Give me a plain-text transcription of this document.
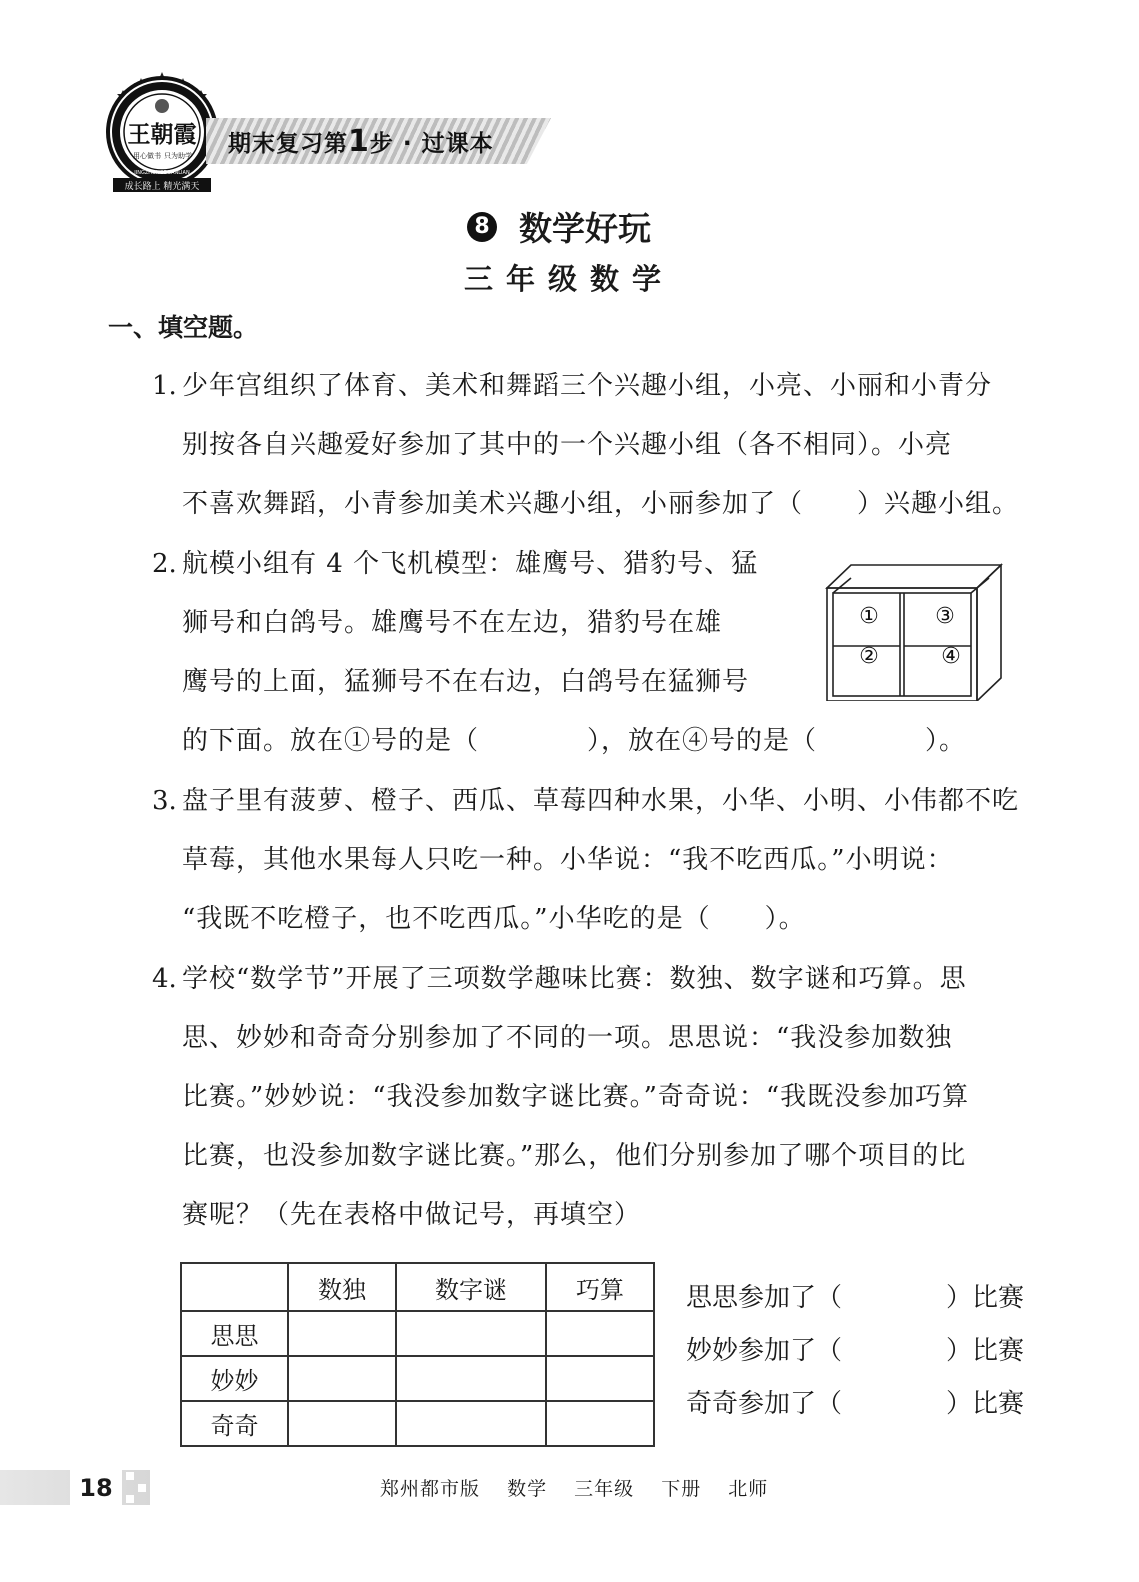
王朝霞
用心做书 只为助学
JINGZHONGDUANLIAN
成长路上 精光满天
期末复习第1步 · 过课本
8 数学好玩
三年级数学
一、填空题。
1. 少年宫组织了体育、美术和舞蹈三个兴趣小组，小亮、小丽和小青分
别按各自兴趣爱好参加了其中的一个兴趣小组（各不相同）。小亮
不喜欢舞蹈，小青参加美术兴趣小组，小丽参加了（　　）兴趣小组。
2. 航模小组有 4 个飞机模型：雄鹰号、猎豹号、猛
狮号和白鸽号。雄鹰号不在左边，猎豹号在雄
鹰号的上面，猛狮号不在右边，白鸽号在猛狮号
的下面。放在①号的是（　　　　），放在④号的是（　　　　）。
①
②
③
④
3. 盘子里有菠萝、橙子、西瓜、草莓四种水果，小华、小明、小伟都不吃
草莓，其他水果每人只吃一种。小华说：“我不吃西瓜。”小明说：
“我既不吃橙子，也不吃西瓜。”小华吃的是（　　）。
4. 学校“数学节”开展了三项数学趣味比赛：数独、数字谜和巧算。思
思、妙妙和奇奇分别参加了不同的一项。思思说：“我没参加数独
比赛。”妙妙说：“我没参加数字谜比赛。”奇奇说：“我既没参加巧算
比赛，也没参加数字谜比赛。”那么，他们分别参加了哪个项目的比
赛呢？（先在表格中做记号，再填空）
	数独	数字谜	巧算
思思			
妙妙			
奇奇			
思思参加了（　　　　）比赛
妙妙参加了（　　　　）比赛
奇奇参加了（　　　　）比赛
18	郑州都市版 数学 三年级 下册 北师
